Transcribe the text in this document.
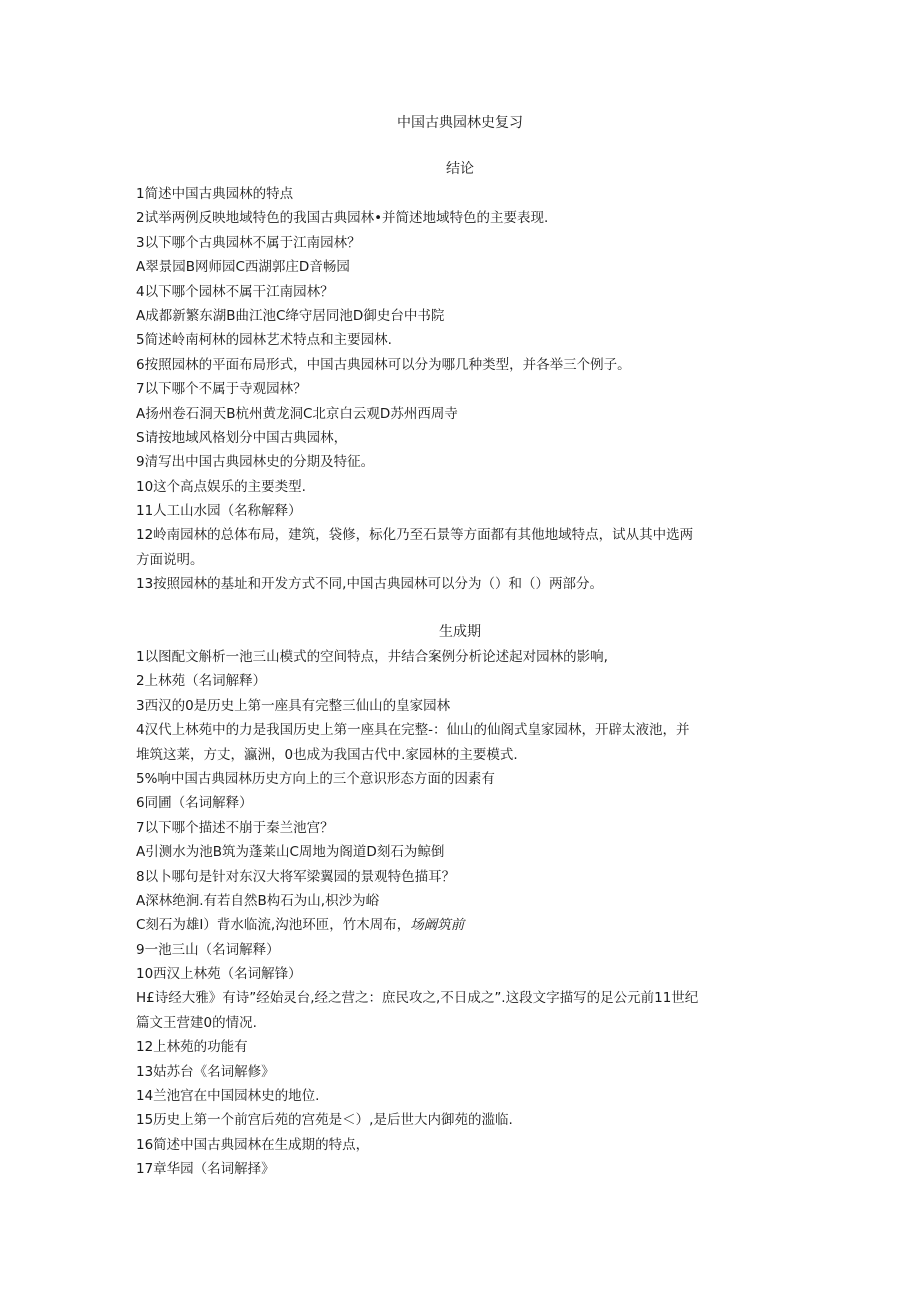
中国古典园林史复习
结论
1简述中国古典园林的特点
2试举两例反映地域特色的我国古典园林•并简述地域特色的主要表现.
3以下哪个古典园林不属于江南园林？
A翠景园B网师园C西湖郭庄D音畅园
4以下哪个园林不属干江南园林？
A成都新繁东湖B曲江池C绛守居同池D御史台中书院
5简述岭南柯林的园林艺术特点和主要园林.
6按照园林的平面布局形式，中国古典园林可以分为哪几种类型，并各举三个例子。
7以下哪个不属于寺观园林？
A扬州卷石洞天B杭州黄龙洞C北京白云观D苏州西周寺
S请按地域风格划分中国古典园林，
9清写出中国古典园林史的分期及特征。
10这个高点娱乐的主要类型.
11人工山水园（名称解释）
12岭南园林的总体布局，建筑，袋修，标化乃至石景等方面都有其他地域特点，试从其中选两
方面说明。
13按照园林的基址和开发方式不同,中国古典园林可以分为（）和（）两部分。
生成期
1以图配文斛析一池三山模式的空间特点，井结合案例分析论述起对园林的影响,
2上林苑（名词解释）
3西汉的0是历史上第一座具有完整三仙山的皇家园林
4汉代上林苑中的力是我国历史上第一座具在完整-：仙山的仙阁式皇家园林，开辟太液池，并
堆筑这莱，方丈，瀛洲，0也成为我国古代中.家园林的主要模式.
5%响中国古典园林历史方向上的三个意识形态方面的因素有
6同圃（名词解释）
7以下哪个描述不崩于秦兰池宫？
A引测水为池B筑为蓬莱山C周地为阁道D刻石为鲸倒
8以卜哪句是针对东汉大将军梁翼园的景观特色描耳？
A深林绝涧.有若自然B构石为山,枳沙为峪
C刻石为雄I）背水临流,沟池环匝，竹木周布，场阚筑前
9一池三山（名词解释）
10西汉上林苑（名词解锋）
H£诗经大雅》有诗”经始灵台,经之营之：庶民攻之,不日成之”.这段文字描写的足公元前11世纪
篇文王营建0的情况.
12上林苑的功能有
13姑苏台《名词解修》
14兰池宫在中国园林史的地位.
15历史上第一个前宫后苑的宫苑是＜）,是后世大内御苑的滥临.
16简述中国古典园林在生成期的特点，
17章华园（名词解择》
